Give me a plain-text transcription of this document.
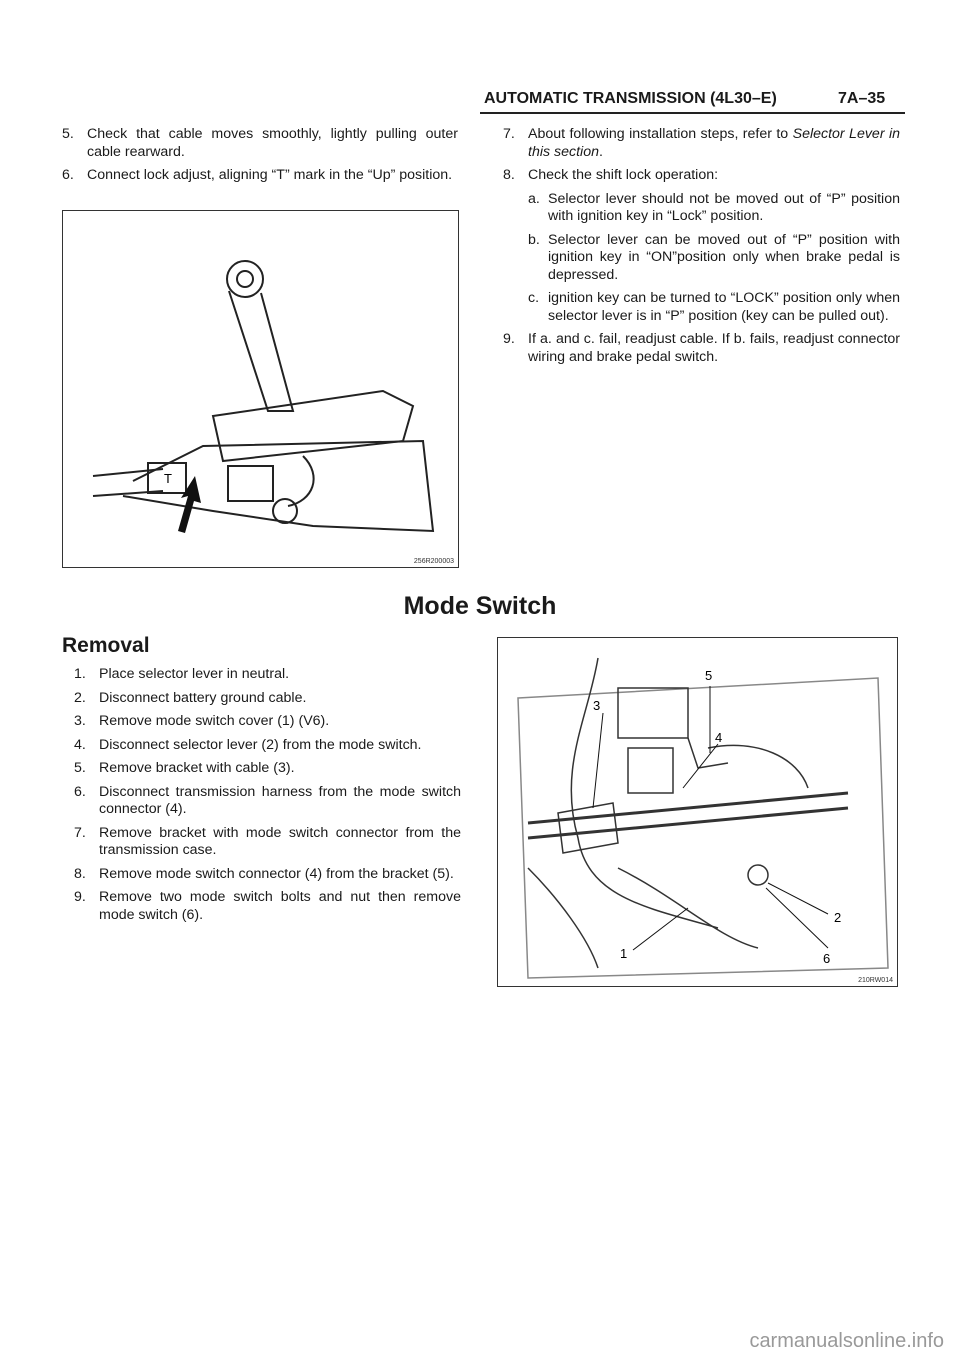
AUTOMATIC TRANSMISSION (4L30–E)	7A–35
5. Check that cable moves smoothly, lightly pulling outer cable rearward.
6. Connect lock adjust, aligning “T” mark in the “Up” position.
7. About following installation steps, refer to Selector Lever in this section.
8. Check the shift lock operation:
a. Selector lever should not be moved out of “P” position with ignition key in “Lock” position.
b. Selector lever can be moved out of “P” position with ignition key in “ON”position only when brake pedal is depressed.
c. ignition key can be turned to “LOCK” position only when selector lever is in “P” position (key can be pulled out).
9. If a. and c. fail, readjust cable. If b. fails, readjust connector wiring and brake pedal switch.
T
256R200003
Mode Switch
Removal
1. Place selector lever in neutral.
2. Disconnect battery ground cable.
3. Remove mode switch cover (1) (V6).
4. Disconnect selector lever (2) from the mode switch.
5. Remove bracket with cable (3).
6. Disconnect transmission harness from the mode switch connector (4).
7. Remove bracket with mode switch connector from the transmission case.
8. Remove mode switch connector (4) from the bracket (5).
9. Remove two mode switch bolts and nut then remove mode switch (6).
5
3
4
2
6
1
210RW014
carmanualsonline.info
